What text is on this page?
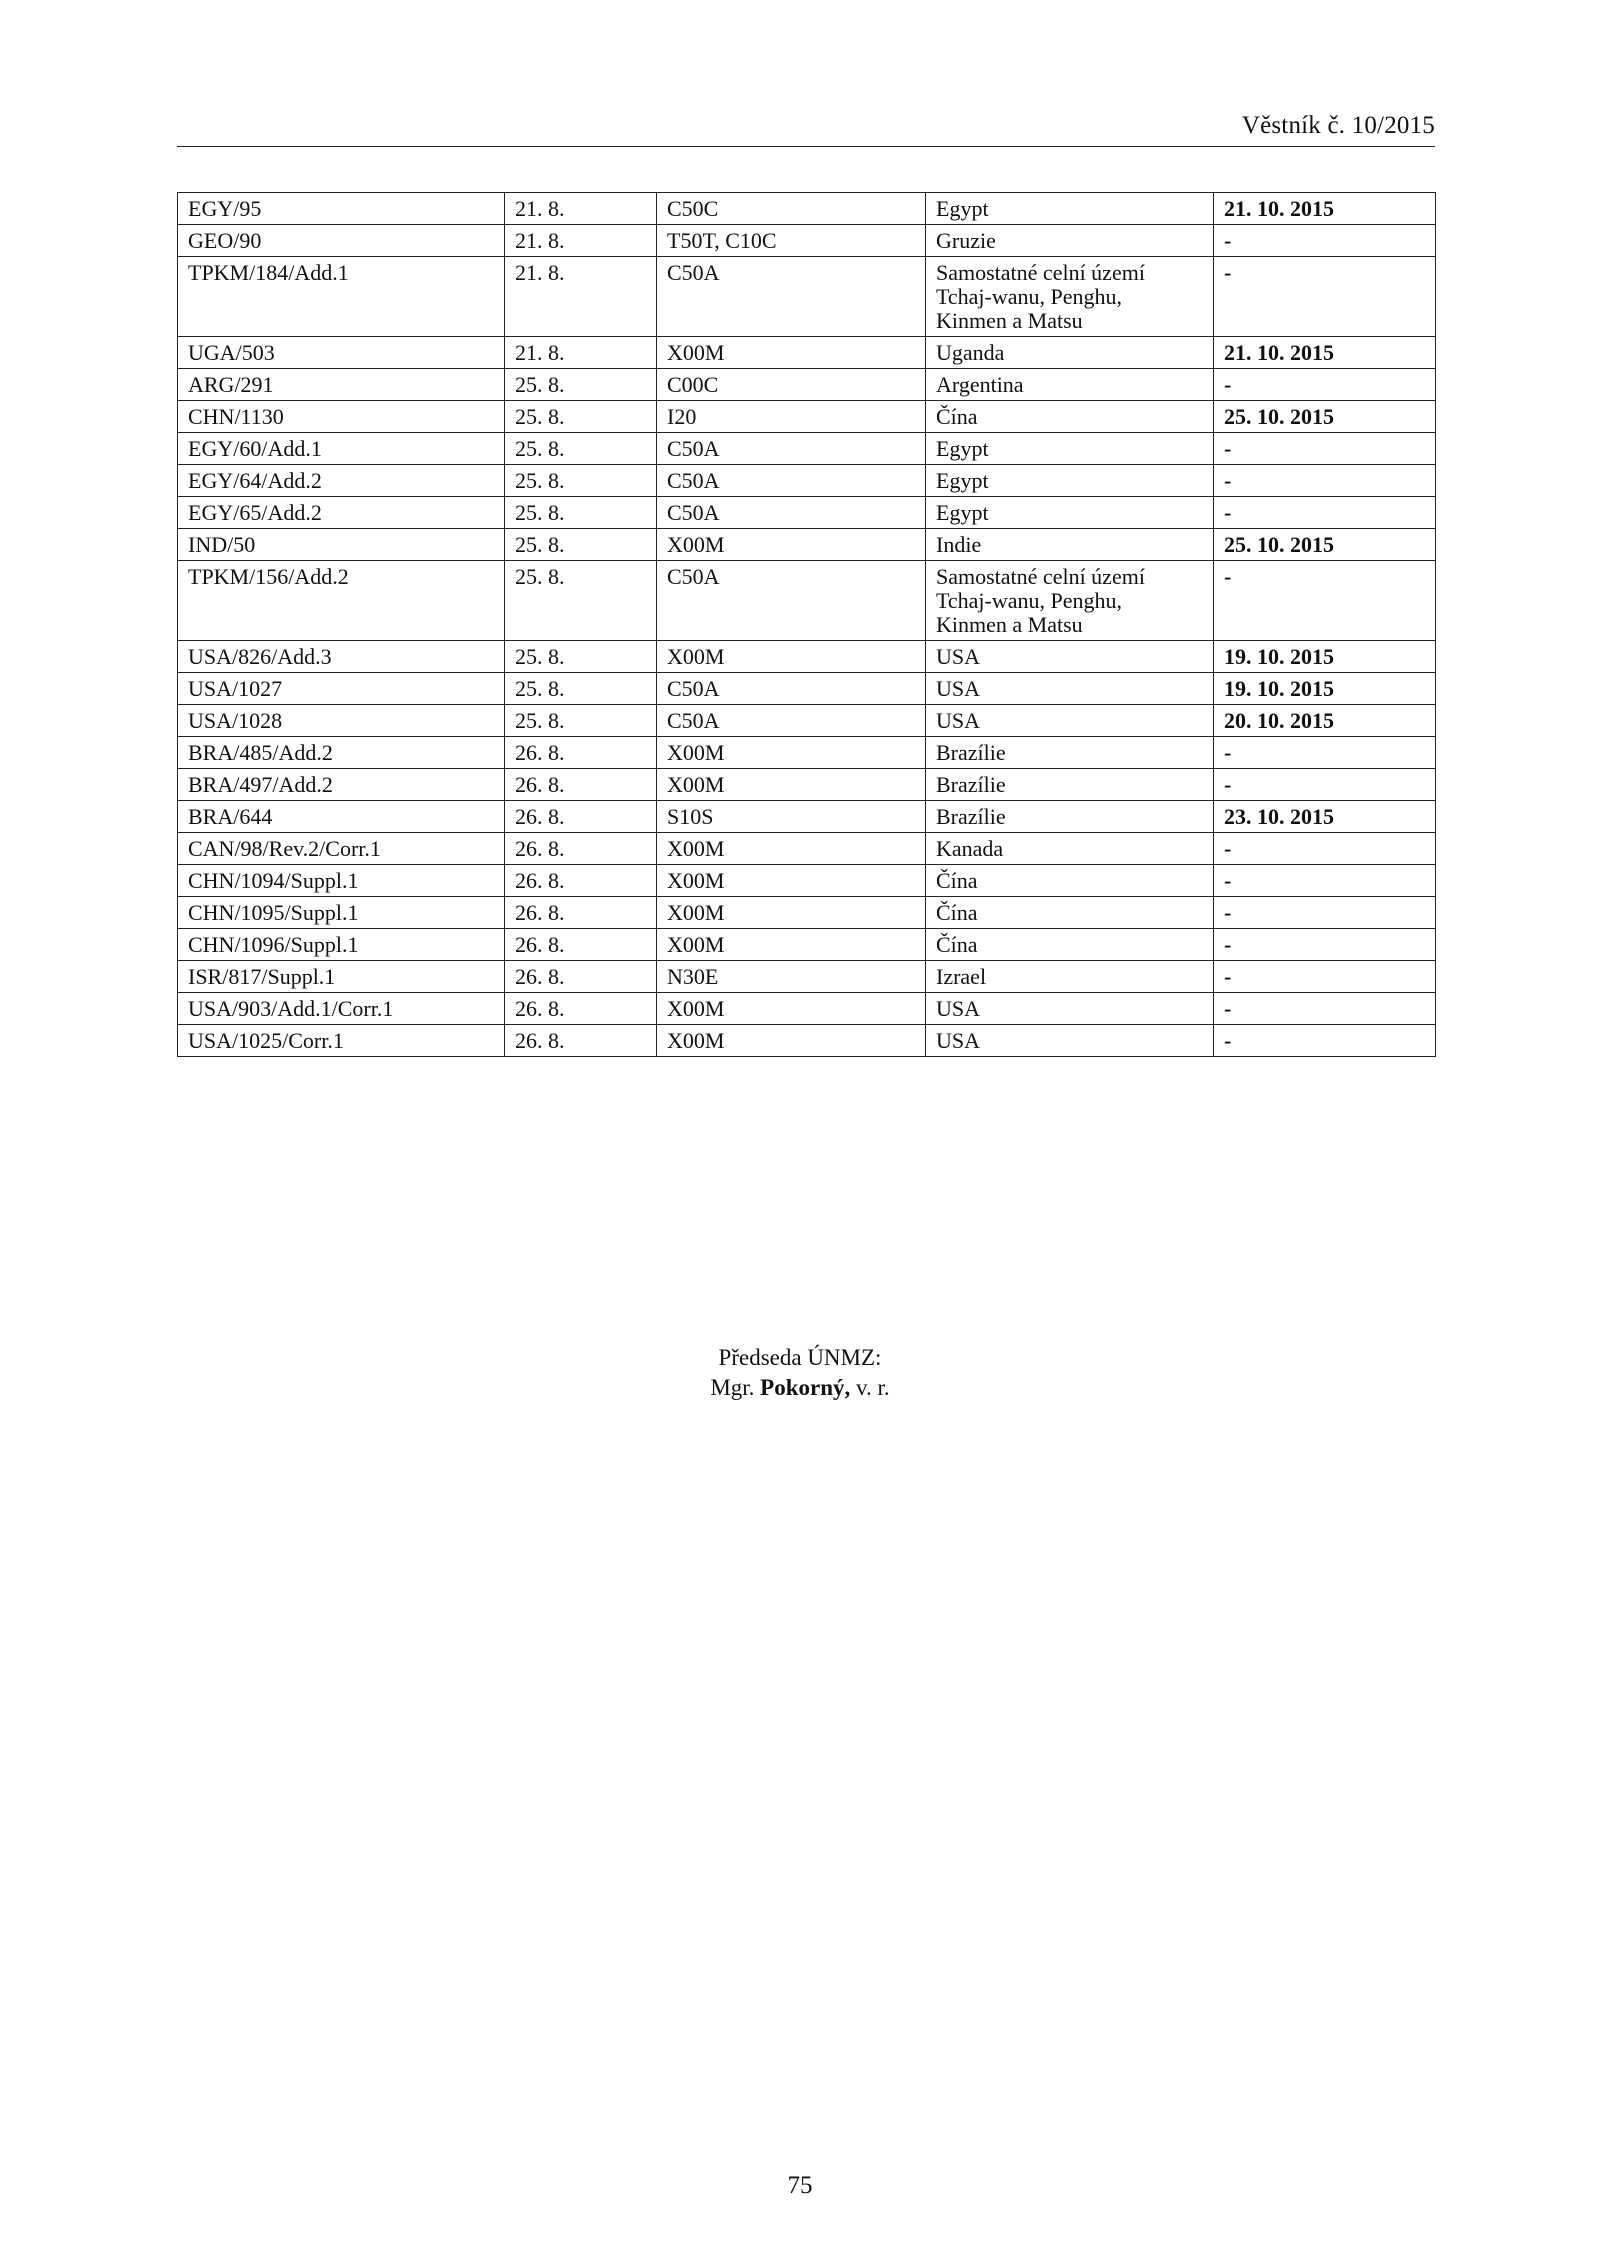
Věstník č. 10/2015
EGY/95	21. 8.	C50C	Egypt	21. 10. 2015
GEO/90	21. 8.	T50T, C10C	Gruzie	-
TPKM/184/Add.1	21. 8.	C50A	Samostatné celní území
Tchaj-wanu, Penghu,
Kinmen a Matsu	-
UGA/503	21. 8.	X00M	Uganda	21. 10. 2015
ARG/291	25. 8.	C00C	Argentina	-
CHN/1130	25. 8.	I20	Čína	25. 10. 2015
EGY/60/Add.1	25. 8.	C50A	Egypt	-
EGY/64/Add.2	25. 8.	C50A	Egypt	-
EGY/65/Add.2	25. 8.	C50A	Egypt	-
IND/50	25. 8.	X00M	Indie	25. 10. 2015
TPKM/156/Add.2	25. 8.	C50A	Samostatné celní území
Tchaj-wanu, Penghu,
Kinmen a Matsu	-
USA/826/Add.3	25. 8.	X00M	USA	19. 10. 2015
USA/1027	25. 8.	C50A	USA	19. 10. 2015
USA/1028	25. 8.	C50A	USA	20. 10. 2015
BRA/485/Add.2	26. 8.	X00M	Brazílie	-
BRA/497/Add.2	26. 8.	X00M	Brazílie	-
BRA/644	26. 8.	S10S	Brazílie	23. 10. 2015
CAN/98/Rev.2/Corr.1	26. 8.	X00M	Kanada	-
CHN/1094/Suppl.1	26. 8.	X00M	Čína	-
CHN/1095/Suppl.1	26. 8.	X00M	Čína	-
CHN/1096/Suppl.1	26. 8.	X00M	Čína	-
ISR/817/Suppl.1	26. 8.	N30E	Izrael	-
USA/903/Add.1/Corr.1	26. 8.	X00M	USA	-
USA/1025/Corr.1	26. 8.	X00M	USA	-
Předseda ÚNMZ:
Mgr. Pokorný, v. r.
75
